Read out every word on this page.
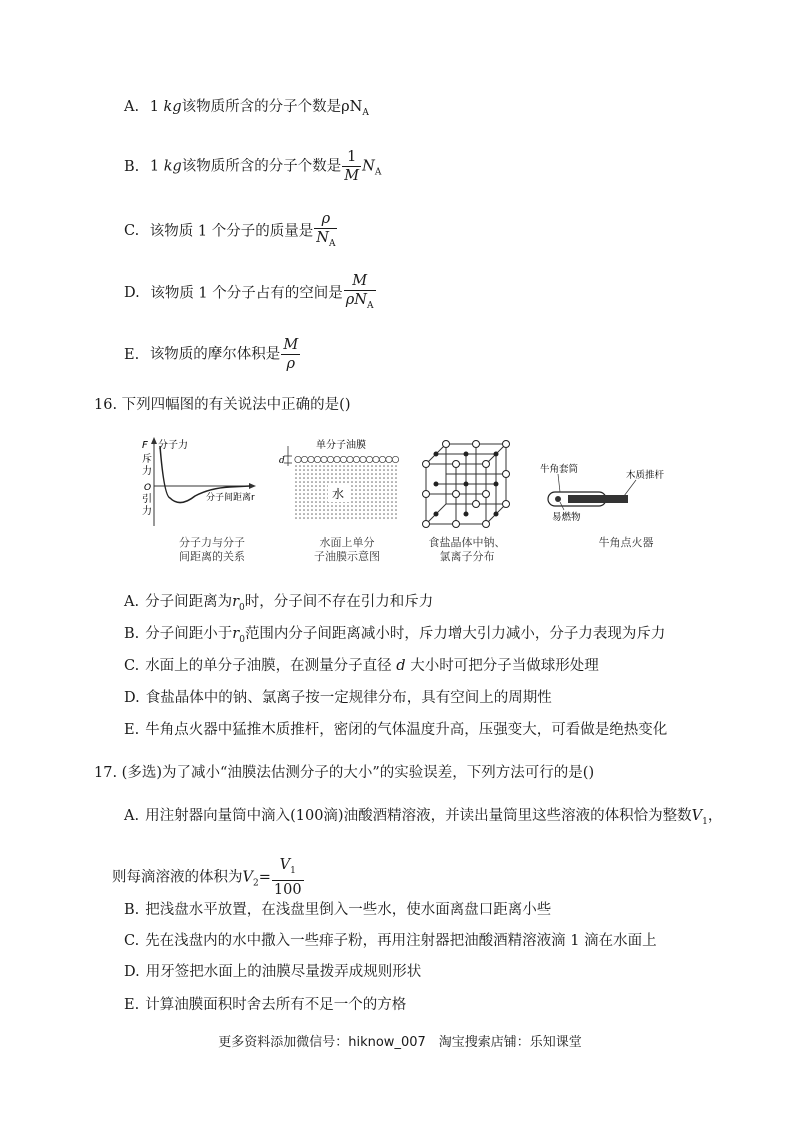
A. 1 kg该物质所含的分子个数是$\rho N_A$
B. 1 kg该物质所含的分子个数是 $\frac{1}{M} N_A$
C. 该物质 1 个分子的质量是 $\frac{\rho}{N_A}$
D. 该物质 1 个分子占有的空间是 $\frac{M}{\rho N_A}$
E. 该物质的摩尔体积是 $\frac{M}{\rho}$
16. 下列四幅图的有关说法中正确的是()
F 分子力
斥
力
O
引
力
分子间距离r
分子力与分子
间距离的关系
d
水
单分子油膜
水面上单分
子油膜示意图
食盐晶体中钠、
氯离子分布
牛角套筒
木质推杆
易燃物
牛角点火器
A. 分子间距离为$r_0$时，分子间不存在引力和斥力
B. 分子间距小于$r_0$范围内分子间距离减小时，斥力增大引力减小，分子力表现为斥力
C. 水面上的单分子油膜，在测量分子直径 d 大小时可把分子当做球形处理
D. 食盐晶体中的钠、氯离子按一定规律分布，具有空间上的周期性
E. 牛角点火器中猛推木质推杆，密闭的气体温度升高，压强变大，可看做是绝热变化
17. (多选)为了减小“油膜法估测分子的大小”的实验误差，下列方法可行的是()
A. 用注射器向量筒中滴入(100滴)油酸酒精溶液，并读出量筒里这些溶液的体积恰为整数$V_1$，
则每滴溶液的体积为$V_2= \frac{V_1}{100}$
B. 把浅盘水平放置，在浅盘里倒入一些水，使水面离盘口距离小些
C. 先在浅盘内的水中撒入一些痱子粉，再用注射器把油酸酒精溶液滴 1 滴在水面上
D. 用牙签把水面上的油膜尽量拨弄成规则形状
E. 计算油膜面积时舍去所有不足一个的方格
更多资料添加微信号：hiknow_007　淘宝搜索店铺：乐知课堂
